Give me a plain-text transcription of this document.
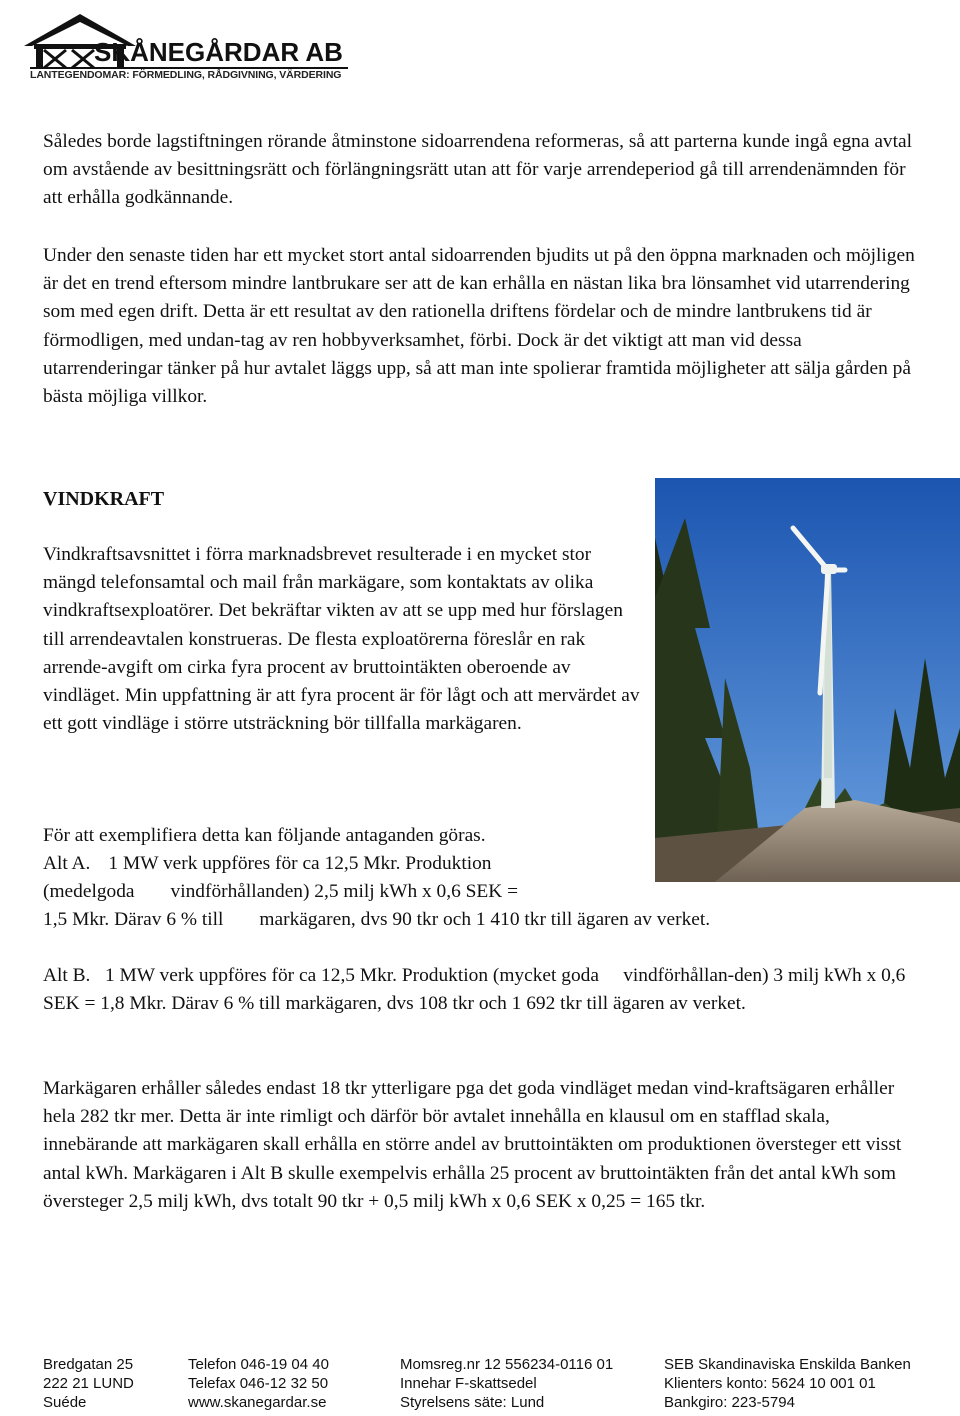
SKÅNEGÅRDAR AB
LANTEGENDOMAR: FÖRMEDLING, RÅDGIVNING, VÄRDERING

Således borde lagstiftningen rörande åtminstone sidoarrendena reformeras, så att parterna kunde ingå egna avtal om avstående av besittningsrätt och förlängningsrätt utan att för varje arrendeperiod gå till arrendenämnden för att erhålla godkännande.

Under den senaste tiden har ett mycket stort antal sidoarrenden bjudits ut på den öppna marknaden och möjligen är det en trend eftersom mindre lantbrukare ser att de kan erhålla en nästan lika bra lönsamhet vid utarrendering som med egen drift. Detta är ett resultat av den rationella driftens fördelar och de mindre lantbrukens tid är förmodligen, med undan-tag av ren hobbyverksamhet, förbi. Dock är det viktigt att man vid dessa utarrenderingar tänker på hur avtalet läggs upp, så att man inte spolierar framtida möjligheter att sälja gården på bästa möjliga villkor.

VINDKRAFT

Vindkraftsavsnittet i förra marknadsbrevet resulterade i en mycket stor mängd telefonsamtal och mail från markägare, som kontaktats av olika vindkraftsexploatörer. Det bekräftar vikten av att se upp med hur förslagen till arrendeavtalen konstrueras. De flesta exploatörerna föreslår en rak arrende-avgift om cirka fyra procent av bruttointäkten oberoende av vindläget. Min uppfattning är att fyra procent är för lågt och att mervärdet av ett gott vindläge i större utsträckning bör tillfalla markägaren.

För att exemplifiera detta kan följande antaganden göras.
Alt A. 1 MW verk uppföres för ca 12,5 Mkr. Produktion

(medelgoda vindförhållanden) 2,5 milj kWh x 0,6 SEK =

1,5 Mkr. Därav 6 % till markägaren, dvs 90 tkr och 1 410 tkr till ägaren av verket.

Alt B.   1 MW verk uppföres för ca 12,5 Mkr. Produktion (mycket goda     vindförhållan-den) 3 milj kWh x 0,6 SEK = 1,8 Mkr. Därav 6 % till markägaren, dvs 108 tkr och 1 692 tkr till ägaren av verket.

Markägaren erhåller således endast 18 tkr ytterligare pga det goda vindläget medan vind-kraftsägaren erhåller hela 282 tkr mer. Detta är inte rimligt och därför bör avtalet innehålla en klausul om en stafflad skala, innebärande att markägaren skall erhålla en större andel av bruttointäkten om produktionen översteger ett visst antal kWh. Markägaren i Alt B skulle exempelvis erhålla 25 procent av bruttointäkten från det antal kWh som översteger 2,5 milj kWh, dvs totalt 90 tkr + 0,5 milj kWh x 0,6 SEK x 0,25 = 165 tkr.

Bredgatan 25
222 21 LUND
Suéde
Telefon 046-19 04 40
Telefax 046-12 32 50
www.skanegardar.se
Momsreg.nr 12 556234-0116 01
Innehar F-skattsedel
Styrelsens säte: Lund
SEB Skandinaviska Enskilda Banken
Klienters konto: 5624 10 001 01
Bankgiro: 223-5794
